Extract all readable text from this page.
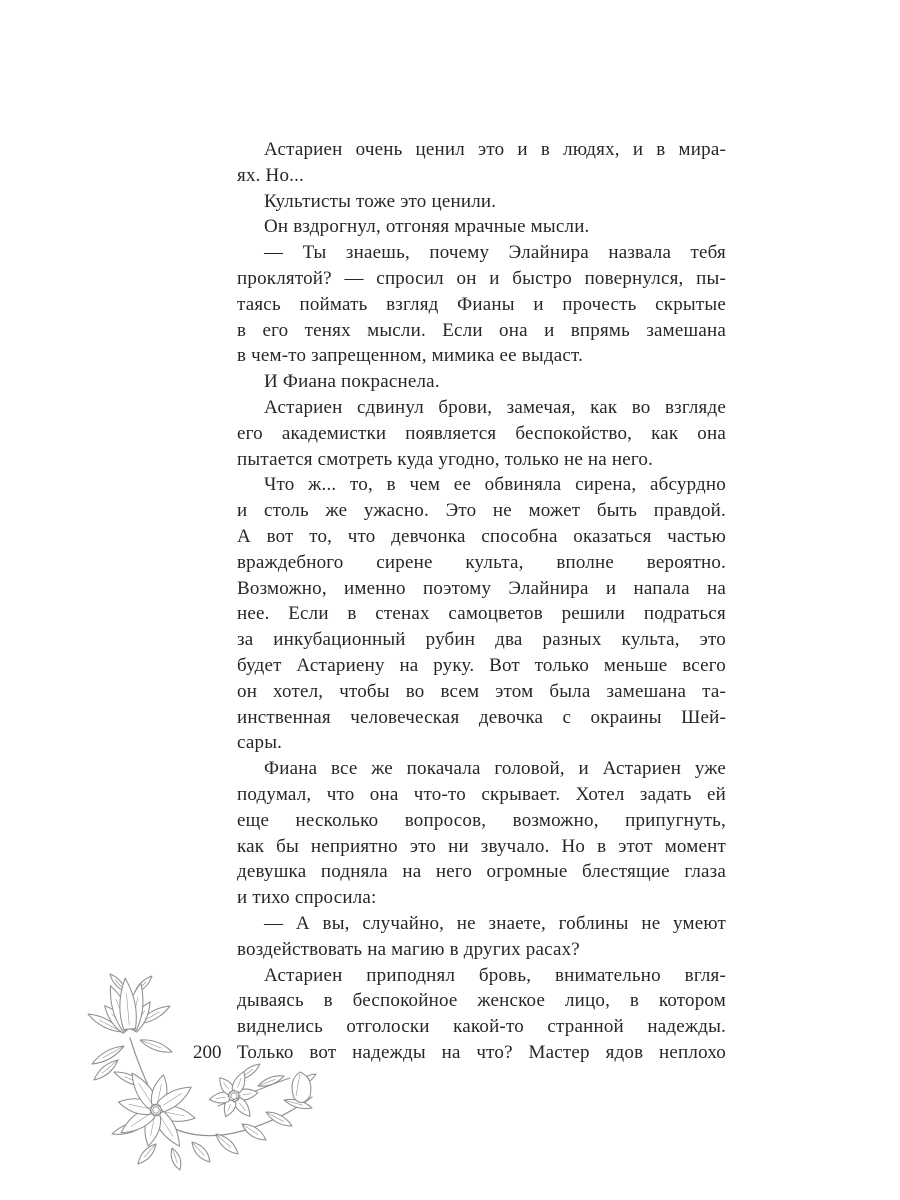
200
Астариен очень ценил это и в людях, и в мира-
ях. Но...
Культисты тоже это ценили.
Он вздрогнул, отгоняя мрачные мысли.
— Ты знаешь, почему Элайнира назвала тебя
проклятой? — спросил он и быстро повернулся, пы-
таясь поймать взгляд Фианы и прочесть скрытые
в его тенях мысли. Если она и впрямь замешана
в чем-то запрещенном, мимика ее выдаст.
И Фиана покраснела.
Астариен сдвинул брови, замечая, как во взгляде
его академистки появляется беспокойство, как она
пытается смотреть куда угодно, только не на него.
Что ж... то, в чем ее обвиняла сирена, абсурдно
и столь же ужасно. Это не может быть правдой.
А вот то, что девчонка способна оказаться частью
враждебного сирене культа, вполне вероятно.
Возможно, именно поэтому Элайнира и напала на
нее. Если в стенах самоцветов решили подраться
за инкубационный рубин два разных культа, это
будет Астариену на руку. Вот только меньше всего
он хотел, чтобы во всем этом была замешана та-
инственная человеческая девочка с окраины Шей-
сары.
Фиана все же покачала головой, и Астариен уже
подумал, что она что-то скрывает. Хотел задать ей
еще несколько вопросов, возможно, припугнуть,
как бы неприятно это ни звучало. Но в этот момент
девушка подняла на него огромные блестящие глаза
и тихо спросила:
— А вы, случайно, не знаете, гоблины не умеют
воздействовать на магию в других расах?
Астариен приподнял бровь, внимательно вгля-
дываясь в беспокойное женское лицо, в котором
виднелись отголоски какой-то странной надежды.
Только вот надежды на что? Мастер ядов неплохо
